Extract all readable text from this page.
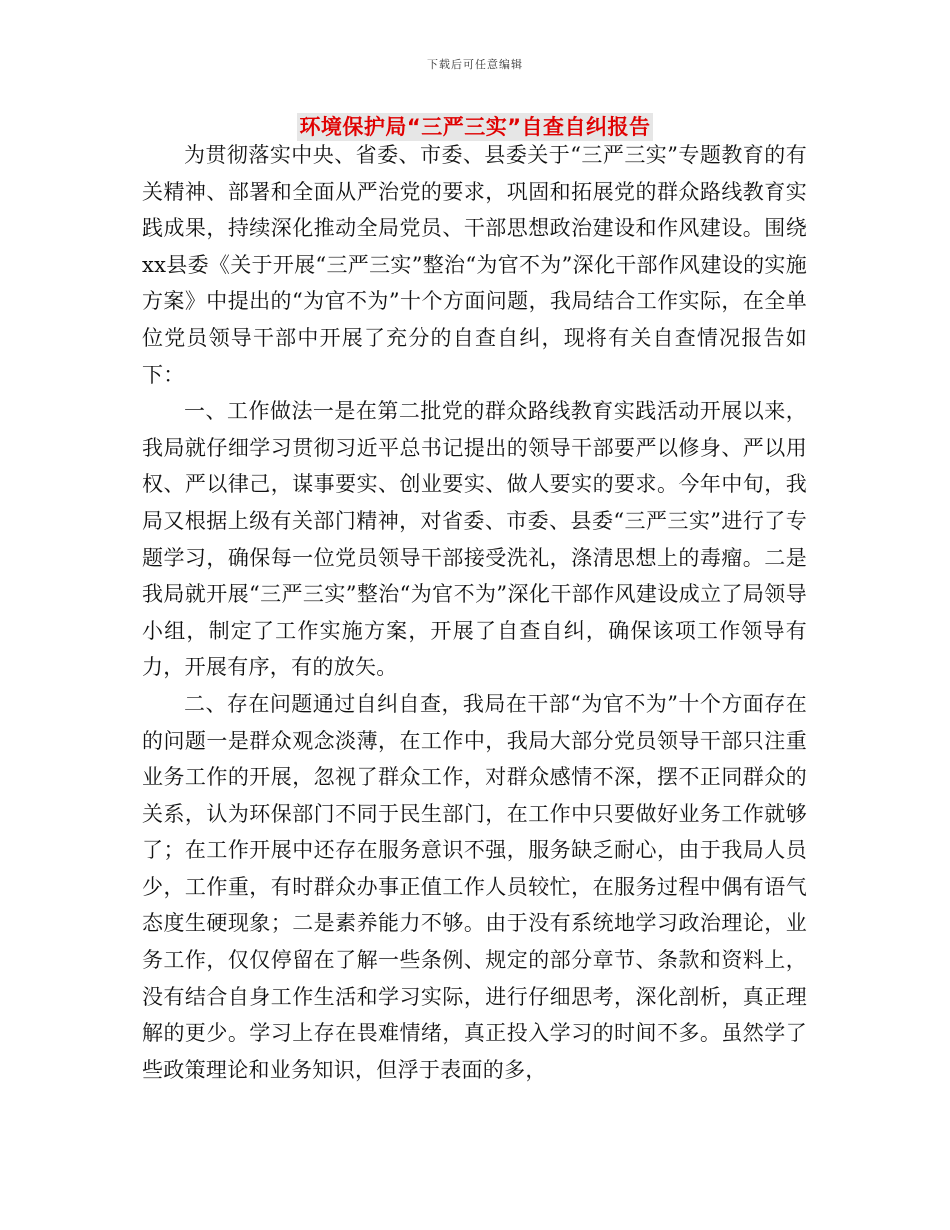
下载后可任意编辑
环境保护局“三严三实”自查自纠报告

为贯彻落实中央、省委、市委、县委关于“三严三实”专题教育的有关精神、部署和全面从严治党的要求，巩固和拓展党的群众路线教育实践成果，持续深化推动全局党员、干部思想政治建设和作风建设。围绕xx县委《关于开展“三严三实”整治“为官不为”深化干部作风建设的实施方案》中提出的“为官不为”十个方面问题，我局结合工作实际，在全单位党员领导干部中开展了充分的自查自纠，现将有关自查情况报告如下：

一、工作做法一是在第二批党的群众路线教育实践活动开展以来，我局就仔细学习贯彻习近平总书记提出的领导干部要严以修身、严以用权、严以律己，谋事要实、创业要实、做人要实的要求。今年中旬，我局又根据上级有关部门精神，对省委、市委、县委“三严三实”进行了专题学习，确保每一位党员领导干部接受洗礼，涤清思想上的毒瘤。二是我局就开展“三严三实”整治“为官不为”深化干部作风建设成立了局领导小组，制定了工作实施方案，开展了自查自纠，确保该项工作领导有力，开展有序，有的放矢。

二、存在问题通过自纠自查，我局在干部“为官不为”十个方面存在的问题一是群众观念淡薄，在工作中，我局大部分党员领导干部只注重业务工作的开展，忽视了群众工作，对群众感情不深，摆不正同群众的关系，认为环保部门不同于民生部门，在工作中只要做好业务工作就够了；在工作开展中还存在服务意识不强，服务缺乏耐心，由于我局人员少，工作重，有时群众办事正值工作人员较忙，在服务过程中偶有语气态度生硬现象；二是素养能力不够。由于没有系统地学习政治理论，业务工作，仅仅停留在了解一些条例、规定的部分章节、条款和资料上，没有结合自身工作生活和学习实际，进行仔细思考，深化剖析，真正理解的更少。学习上存在畏难情绪，真正投入学习的时间不多。虽然学了些政策理论和业务知识，但浮于表面的多，
